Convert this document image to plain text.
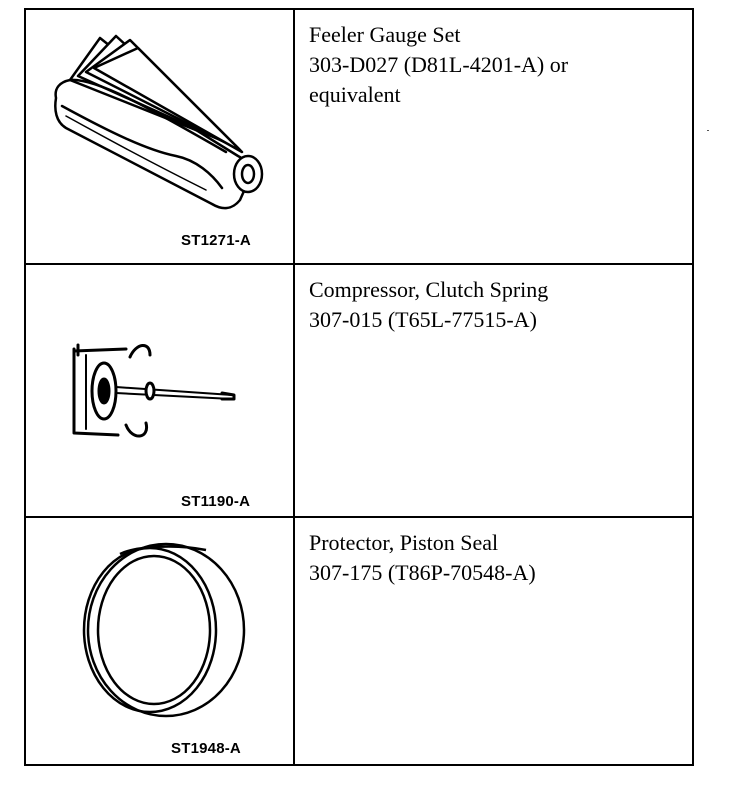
ST1271-A
Feeler Gauge Set
303-D027 (D81L-4201-A) or
equivalent
ST1190-A
Compressor, Clutch Spring
307-015 (T65L-77515-A)
ST1948-A
Protector, Piston Seal
307-175 (T86P-70548-A)
